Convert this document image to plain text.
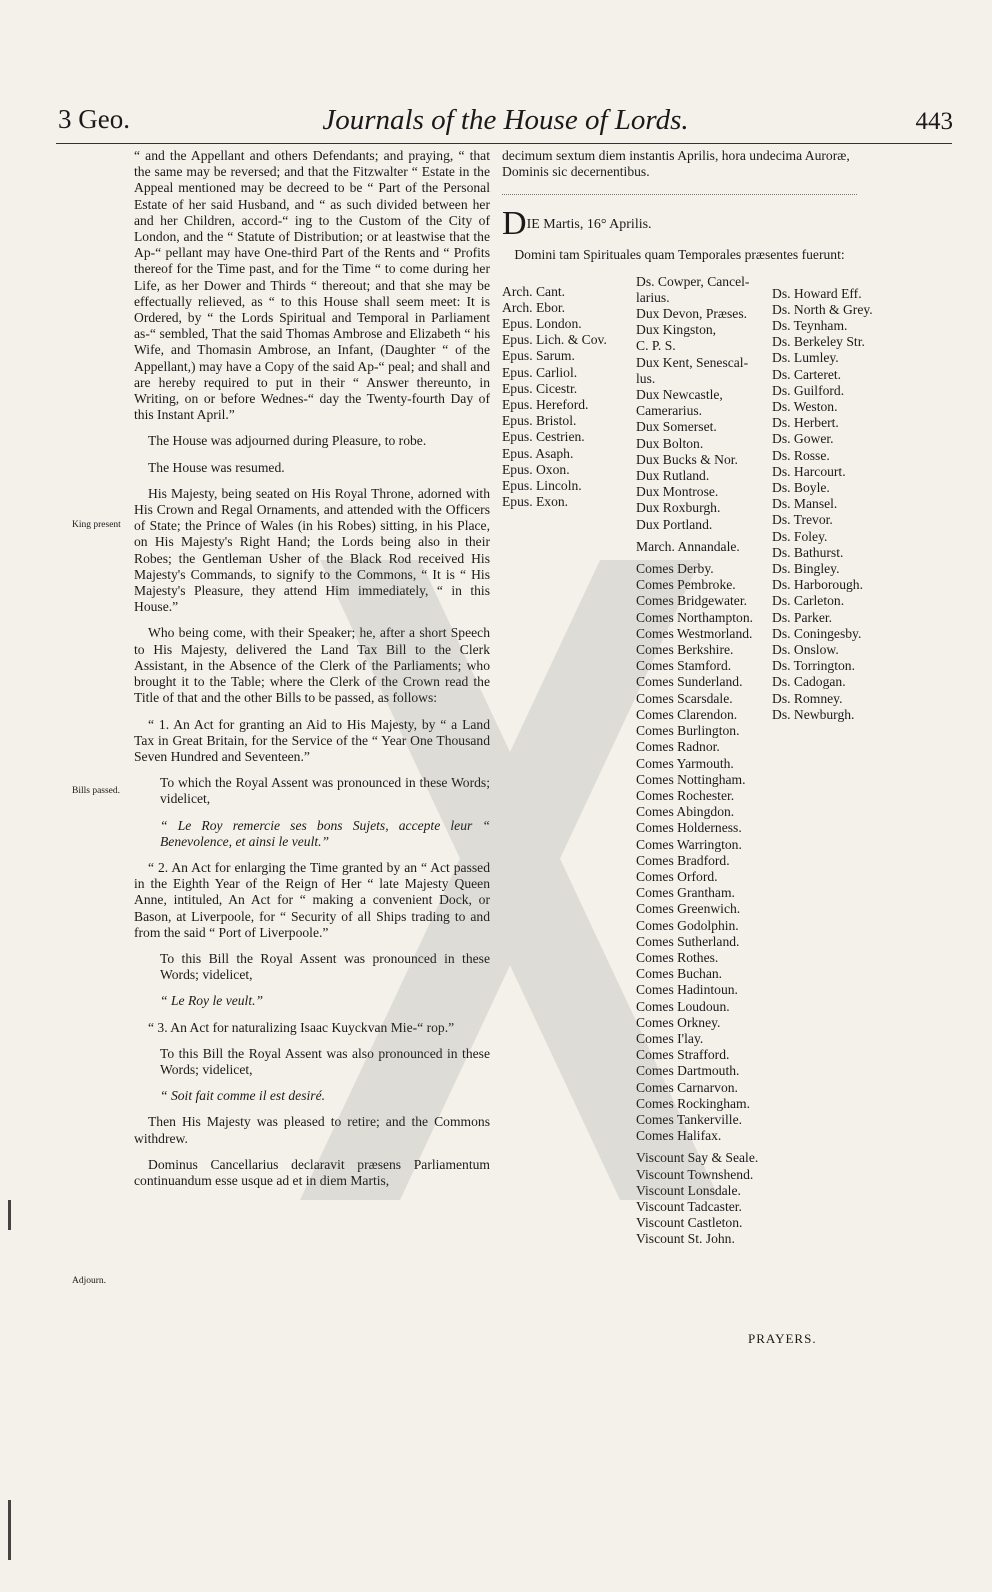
3 Geo.	Journals of the House of Lords.	443
King present
Bills passed.
Adjourn.

“ and the Appellant and others Defendants; and praying, “ that the same may be reversed; and that the Fitzwalter “ Estate in the Appeal mentioned may be decreed to be “ Part of the Personal Estate of her said Husband, and “ as such divided between her and her Children, accord-“ ing to the Custom of the City of London, and the “ Statute of Distribution; or at leastwise that the Ap-“ pellant may have One-third Part of the Rents and “ Profits thereof for the Time past, and for the Time “ to come during her Life, as her Dower and Thirds “ thereout; and that she may be effectually relieved, as “ to this House shall seem meet: It is Ordered, by “ the Lords Spiritual and Temporal in Parliament as-“ sembled, That the said Thomas Ambrose and Elizabeth “ his Wife, and Thomasin Ambrose, an Infant, (Daughter “ of the Appellant,) may have a Copy of the said Ap-“ peal; and shall and are hereby required to put in their “ Answer thereunto, in Writing, on or before Wednes-“ day the Twenty-fourth Day of this Instant April.”

The House was adjourned during Pleasure, to robe.

The House was resumed.

His Majesty, being seated on His Royal Throne, adorned with His Crown and Regal Ornaments, and attended with the Officers of State; the Prince of Wales (in his Robes) sitting, in his Place, on His Majesty's Right Hand; the Lords being also in their Robes; the Gentleman Usher of the Black Rod received His Majesty's Commands, to signify to the Commons, “ It is “ His Majesty's Pleasure, they attend Him immediately, “ in this House.”

Who being come, with their Speaker; he, after a short Speech to His Majesty, delivered the Land Tax Bill to the Clerk Assistant, in the Absence of the Clerk of the Parliaments; who brought it to the Table; where the Clerk of the Crown read the Title of that and the other Bills to be passed, as follows:

“ 1. An Act for granting an Aid to His Majesty, by “ a Land Tax in Great Britain, for the Service of the “ Year One Thousand Seven Hundred and Seventeen.”

To which the Royal Assent was pronounced in these Words; videlicet,

“ Le Roy remercie ses bons Sujets, accepte leur “ Benevolence, et ainsi le veult.”

“ 2. An Act for enlarging the Time granted by an “ Act passed in the Eighth Year of the Reign of Her “ late Majesty Queen Anne, intituled, An Act for “ making a convenient Dock, or Bason, at Liverpoole, for “ Security of all Ships trading to and from the said “ Port of Liverpoole.”

To this Bill the Royal Assent was pronounced in these Words; videlicet,

“ Le Roy le veult.”

“ 3. An Act for naturalizing Isaac Kuyckvan Mie-“ rop.”

To this Bill the Royal Assent was also pronounced in these Words; videlicet,

“ Soit fait comme il est desiré.

Then His Majesty was pleased to retire; and the Commons withdrew.

Dominus Cancellarius declaravit præsens Parliamentum continuandum esse usque ad et in diem Martis,

decimum sextum diem instantis Aprilis, hora undecima Auroræ, Dominis sic decernentibus.
DIE Martis, 16° Aprilis.
Domini tam Spirituales quam Temporales præsentes fuerunt:
Arch. Cant.
Arch. Ebor.
Epus. London.
Epus. Lich. & Cov.
Epus. Sarum.
Epus. Carliol.
Epus. Cicestr.
Epus. Hereford.
Epus. Bristol.
Epus. Cestrien.
Epus. Asaph.
Epus. Oxon.
Epus. Lincoln.
Epus. Exon.
Ds. Cowper, Cancel-
larius.
Dux Devon, Præses.
Dux Kingston,
C. P. S.
Dux Kent, Senescal-
lus.
Dux Newcastle,
Camerarius.
Dux Somerset.
Dux Bolton.
Dux Bucks & Nor.
Dux Rutland.
Dux Montrose.
Dux Roxburgh.
Dux Portland.
March. Annandale.
Comes Derby.
Comes Pembroke.
Comes Bridgewater.
Comes Northampton.
Comes Westmorland.
Comes Berkshire.
Comes Stamford.
Comes Sunderland.
Comes Scarsdale.
Comes Clarendon.
Comes Burlington.
Comes Radnor.
Comes Yarmouth.
Comes Nottingham.
Comes Rochester.
Comes Abingdon.
Comes Holderness.
Comes Warrington.
Comes Bradford.
Comes Orford.
Comes Grantham.
Comes Greenwich.
Comes Godolphin.
Comes Sutherland.
Comes Rothes.
Comes Buchan.
Comes Hadintoun.
Comes Loudoun.
Comes Orkney.
Comes I'lay.
Comes Strafford.
Comes Dartmouth.
Comes Carnarvon.
Comes Rockingham.
Comes Tankerville.
Comes Halifax.
Viscount Say & Seale.
Viscount Townshend.
Viscount Lonsdale.
Viscount Tadcaster.
Viscount Castleton.
Viscount St. John.
Ds. Howard Eff.
Ds. North & Grey.
Ds. Teynham.
Ds. Berkeley Str.
Ds. Lumley.
Ds. Carteret.
Ds. Guilford.
Ds. Weston.
Ds. Herbert.
Ds. Gower.
Ds. Rosse.
Ds. Harcourt.
Ds. Boyle.
Ds. Mansel.
Ds. Trevor.
Ds. Foley.
Ds. Bathurst.
Ds. Bingley.
Ds. Harborough.
Ds. Carleton.
Ds. Parker.
Ds. Coningesby.
Ds. Onslow.
Ds. Torrington.
Ds. Cadogan.
Ds. Romney.
Ds. Newburgh.
PRAYERS.
